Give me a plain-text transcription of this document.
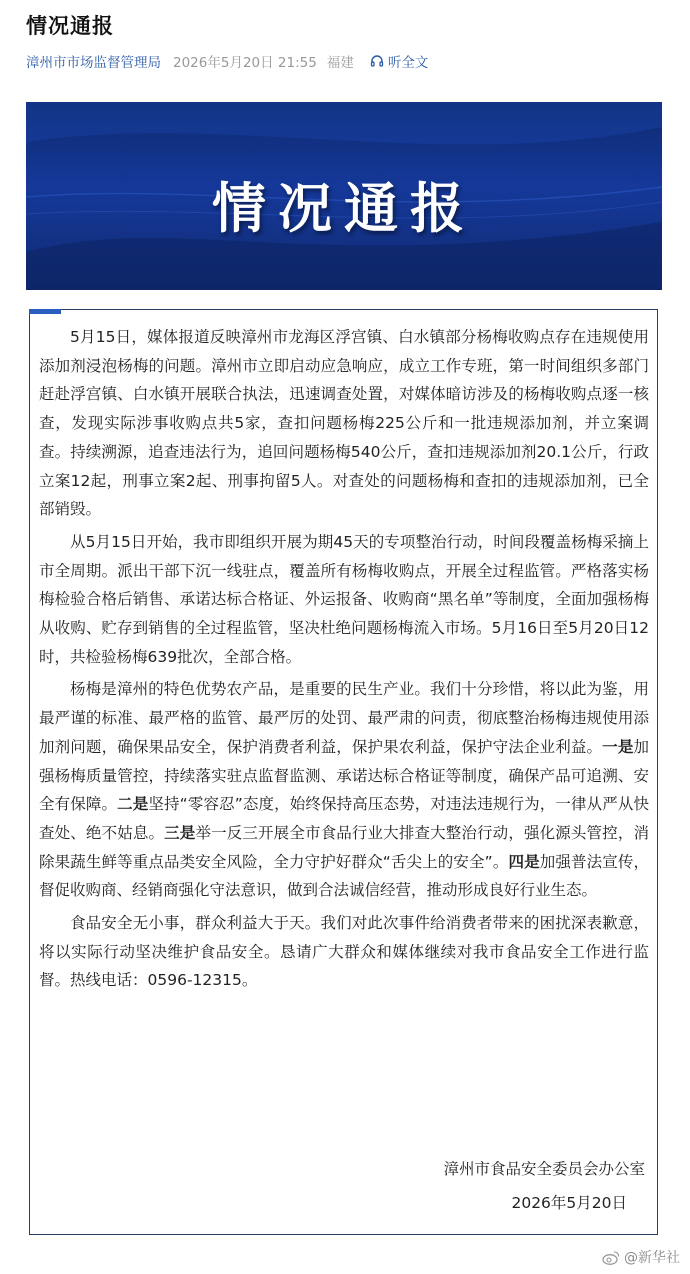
情况通报
漳州市市场监督管理局 2026年5月20日 21:55 福建	听全文
情况通报

5月15日，媒体报道反映漳州市龙海区浮宫镇、白水镇部分杨梅收购点存在违规使用添加剂浸泡杨梅的问题。漳州市立即启动应急响应，成立工作专班，第一时间组织多部门赶赴浮宫镇、白水镇开展联合执法，迅速调查处置，对媒体暗访涉及的杨梅收购点逐一核查，发现实际涉事收购点共5家，查扣问题杨梅225公斤和一批违规添加剂，并立案调查。持续溯源，追查违法行为，追回问题杨梅540公斤，查扣违规添加剂20.1公斤，行政立案12起，刑事立案2起、刑事拘留5人。对查处的问题杨梅和查扣的违规添加剂，已全部销毁。

从5月15日开始，我市即组织开展为期45天的专项整治行动，时间段覆盖杨梅采摘上市全周期。派出干部下沉一线驻点，覆盖所有杨梅收购点，开展全过程监管。严格落实杨梅检验合格后销售、承诺达标合格证、外运报备、收购商“黑名单”等制度，全面加强杨梅从收购、贮存到销售的全过程监管，坚决杜绝问题杨梅流入市场。5月16日至5月20日12时，共检验杨梅639批次，全部合格。

杨梅是漳州的特色优势农产品，是重要的民生产业。我们十分珍惜，将以此为鉴，用最严谨的标准、最严格的监管、最严厉的处罚、最严肃的问责，彻底整治杨梅违规使用添加剂问题，确保果品安全，保护消费者利益，保护果农利益，保护守法企业利益。一是加强杨梅质量管控，持续落实驻点监督监测、承诺达标合格证等制度，确保产品可追溯、安全有保障。二是坚持“零容忍”态度，始终保持高压态势，对违法违规行为，一律从严从快查处、绝不姑息。三是举一反三开展全市食品行业大排查大整治行动，强化源头管控，消除果蔬生鲜等重点品类安全风险，全力守护好群众“舌尖上的安全”。四是加强普法宣传，督促收购商、经销商强化守法意识，做到合法诚信经营，推动形成良好行业生态。

食品安全无小事，群众利益大于天。我们对此次事件给消费者带来的困扰深表歉意，将以实际行动坚决维护食品安全。恳请广大群众和媒体继续对我市食品安全工作进行监督。热线电话：0596-12315。

漳州市食品安全委员会办公室
2026年5月20日
@新华社
